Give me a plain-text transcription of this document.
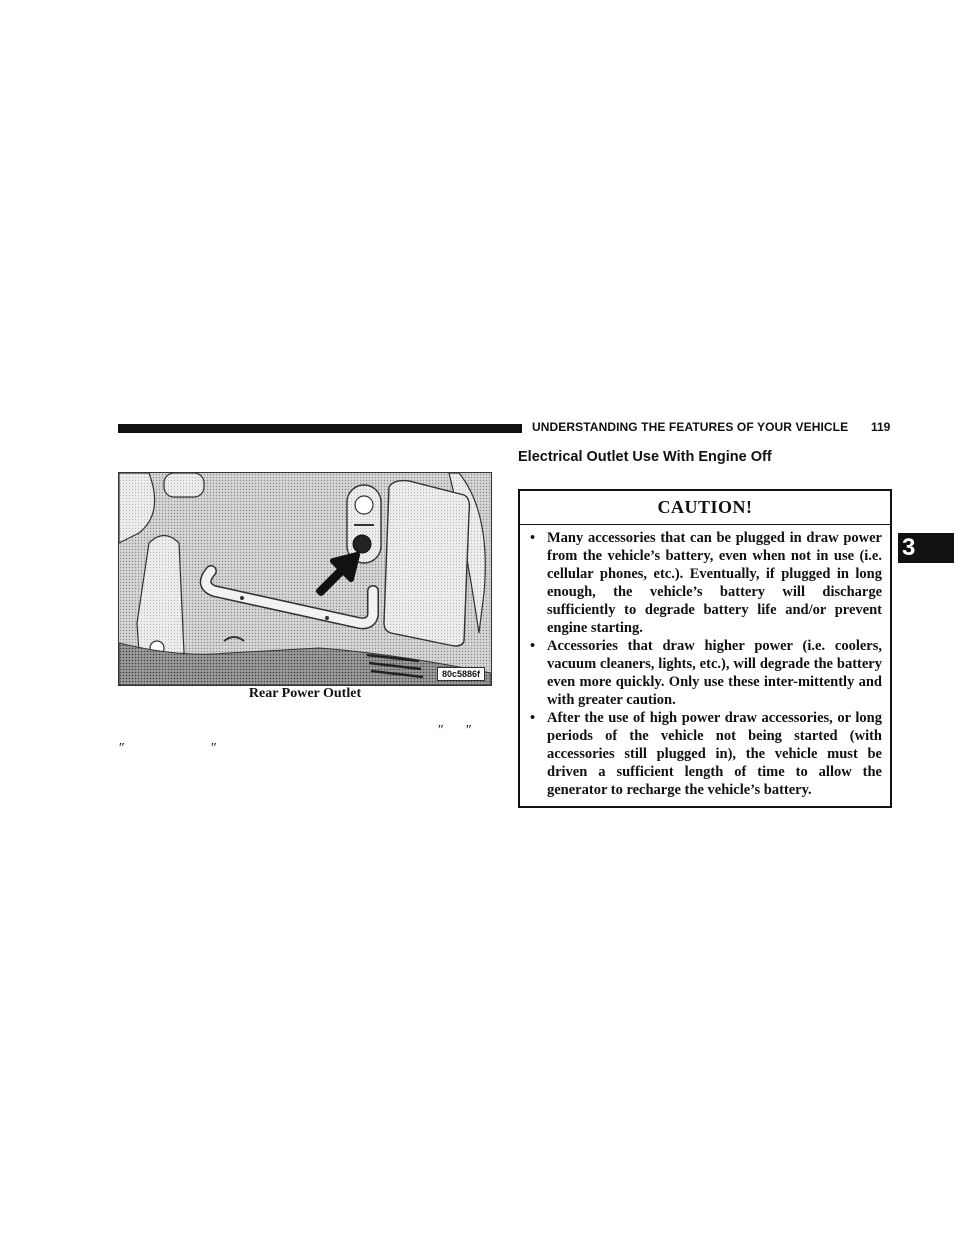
UNDERSTANDING THE FEATURES OF YOUR VEHICLE 119
Electrical Outlet Use With Engine Off
80c5886f
Rear Power Outlet
″ ″
″	″
CAUTION!
• Many accessories that can be plugged in draw power from the vehicle’s battery, even when not in use (i.e. cellular phones, etc.). Eventually, if plugged in long enough, the vehicle’s battery will discharge sufficiently to degrade battery life and/or prevent engine starting.
• Accessories that draw higher power (i.e. coolers, vacuum cleaners, lights, etc.), will degrade the battery even more quickly. Only use these inter-mittently and with greater caution.
• After the use of high power draw accessories, or long periods of the vehicle not being started (with accessories still plugged in), the vehicle must be driven a sufficient length of time to allow the generator to recharge the vehicle’s battery.
3
